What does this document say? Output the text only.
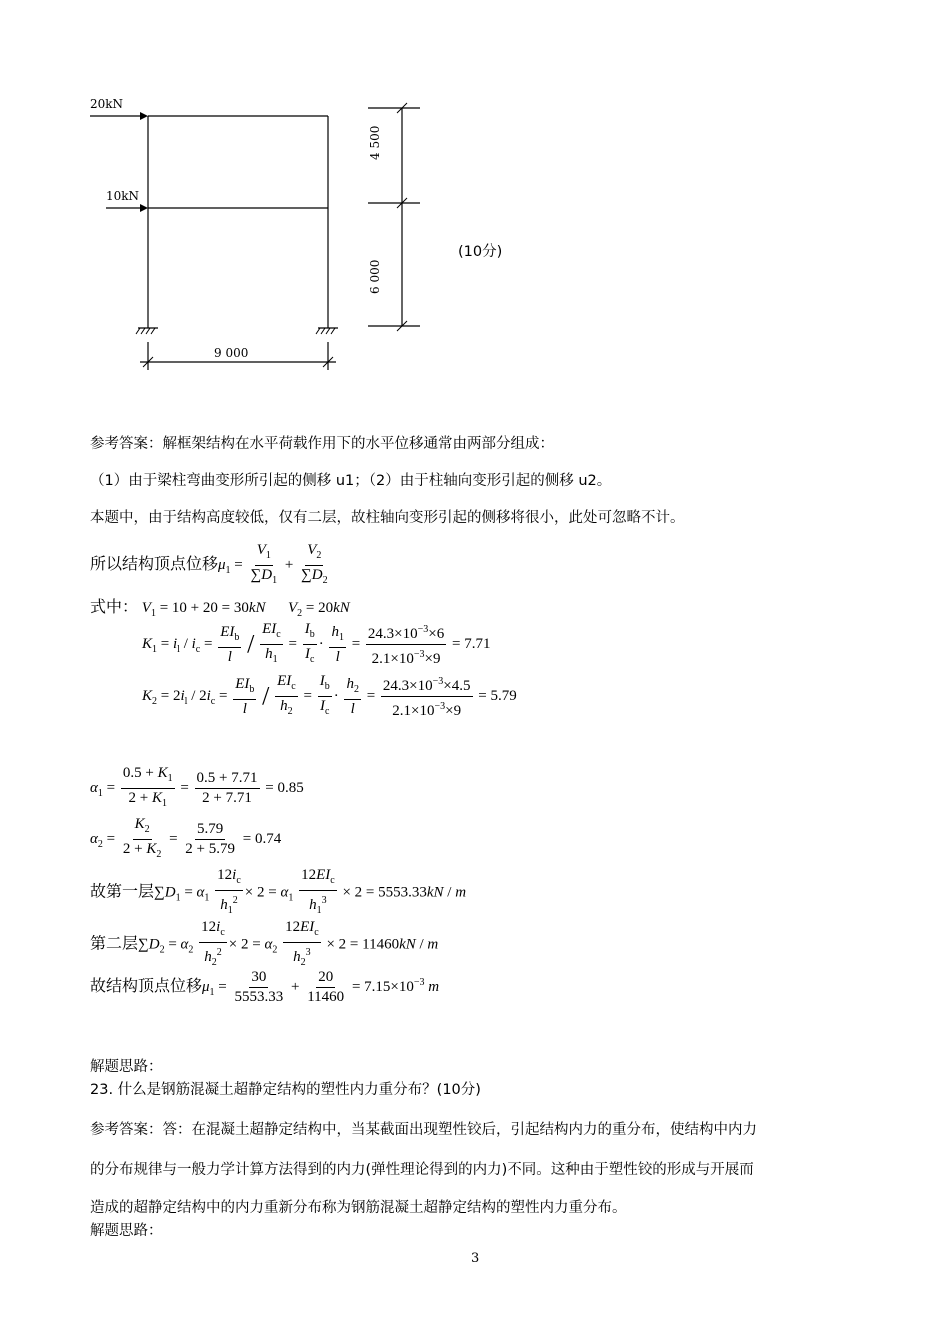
20kN
10kN
4 500
6 000
9 000
(10分)
参考答案：解框架结构在水平荷载作用下的水平位移通常由两部分组成：
（1）由于梁柱弯曲变形所引起的侧移 u1；（2）由于柱轴向变形引起的侧移 u2。
本题中，由于结构高度较低，仅有二层，故柱轴向变形引起的侧移将很小，此处可忽略不计。
所以结构顶点位移$\mu_1 = \frac{V_1}{\sum D_1} + \frac{V_2}{\sum D_2}$
式中： $V_1 = 10 + 20 = 30kN$ $V_2 = 20kN$
$K_1 = i_l / i_c = \frac{EI_b}{l} / \frac{EI_c}{h_1} = \frac{I_b}{I_c} \cdot \frac{h_1}{l} = \frac{24.3\times 10^{-3}\times 6}{2.1\times 10^{-3}\times 9} = 7.71$
$K_2 = 2i_l / 2i_c = \frac{EI_b}{l} / \frac{EI_c}{h_2} = \frac{I_b}{I_c} \cdot \frac{h_2}{l} = \frac{24.3\times 10^{-3}\times 4.5}{2.1\times 10^{-3}\times 9} = 5.79$
$\alpha_1 = \frac{0.5 + K_1}{2 + K_1} = \frac{0.5 + 7.71}{2 + 7.71} = 0.85$
$\alpha_2 = \frac{K_2}{2 + K_2} = \frac{5.79}{2 + 5.79} = 0.74$
故第一层$\sum D_1 = \alpha_1 \frac{12i_c}{h_1^2} \times 2 = \alpha_1 \frac{12EI_c}{h_1^3} \times 2 = 5553.33kN / m$
第二层$\sum D_2 = \alpha_2 \frac{12i_c}{h_2^2} \times 2 = \alpha_2 \frac{12EI_c}{h_2^3} \times 2 = 11460kN / m$
故结构顶点位移$\mu_1 = \frac{30}{5553.33} + \frac{20}{11460} = 7.15\times 10^{-3}$ m
解题思路：
23. 什么是钢筋混凝土超静定结构的塑性内力重分布？(10分)
参考答案：答：在混凝土超静定结构中，当某截面出现塑性铰后，引起结构内力的重分布，使结构中内力
的分布规律与一般力学计算方法得到的内力(弹性理论得到的内力)不同。这种由于塑性铰的形成与开展而
造成的超静定结构中的内力重新分布称为钢筋混凝土超静定结构的塑性内力重分布。
解题思路：
3
